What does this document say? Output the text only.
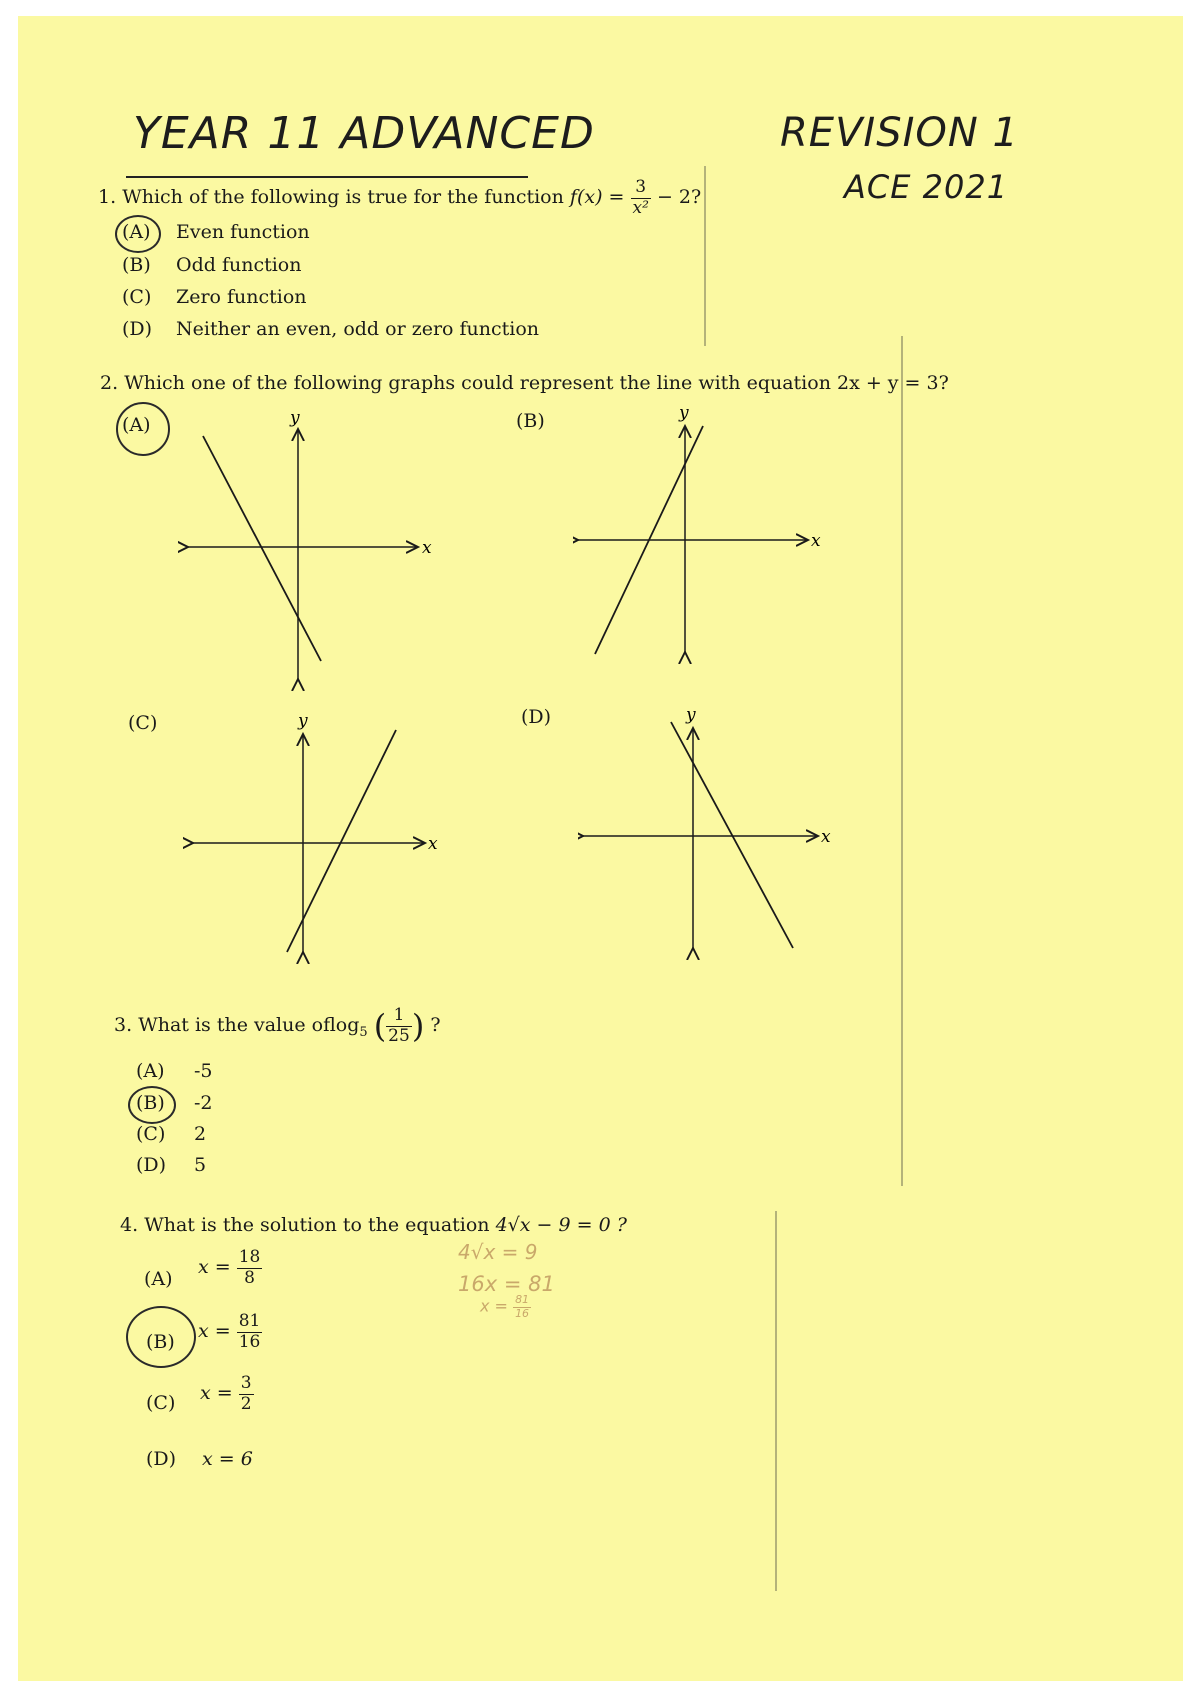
YEAR 11 ADVANCED	REVISION 1
ACE 2021
1. Which of the following is true for the function $f(x) = \frac{3}{\text{x²}} - 2$?
(A) Even function
(B) Odd function
(C) Zero function
(D) Neither an even, odd or zero function
2. Which one of the following graphs could represent the line with equation 2x + y = 3?
(A)	(B)
(C)	(D)
y
x
y
x
y
x
y
x
3. What is the value oflog$_5$ ( $\frac{1}{25}$ ) ?
(A) -5
(B) -2
(C) 2
(D) 5
4. What is the solution to the equation 4√x − 9 = 0 ?
(A)
$x = \frac{18}{8}$
(B) $x = \frac{81}{16}$
(C) $x = \frac{3}{2}$
(D) x = 6
4√x = 9
16x = 81
$x = \frac{81}{16}$
